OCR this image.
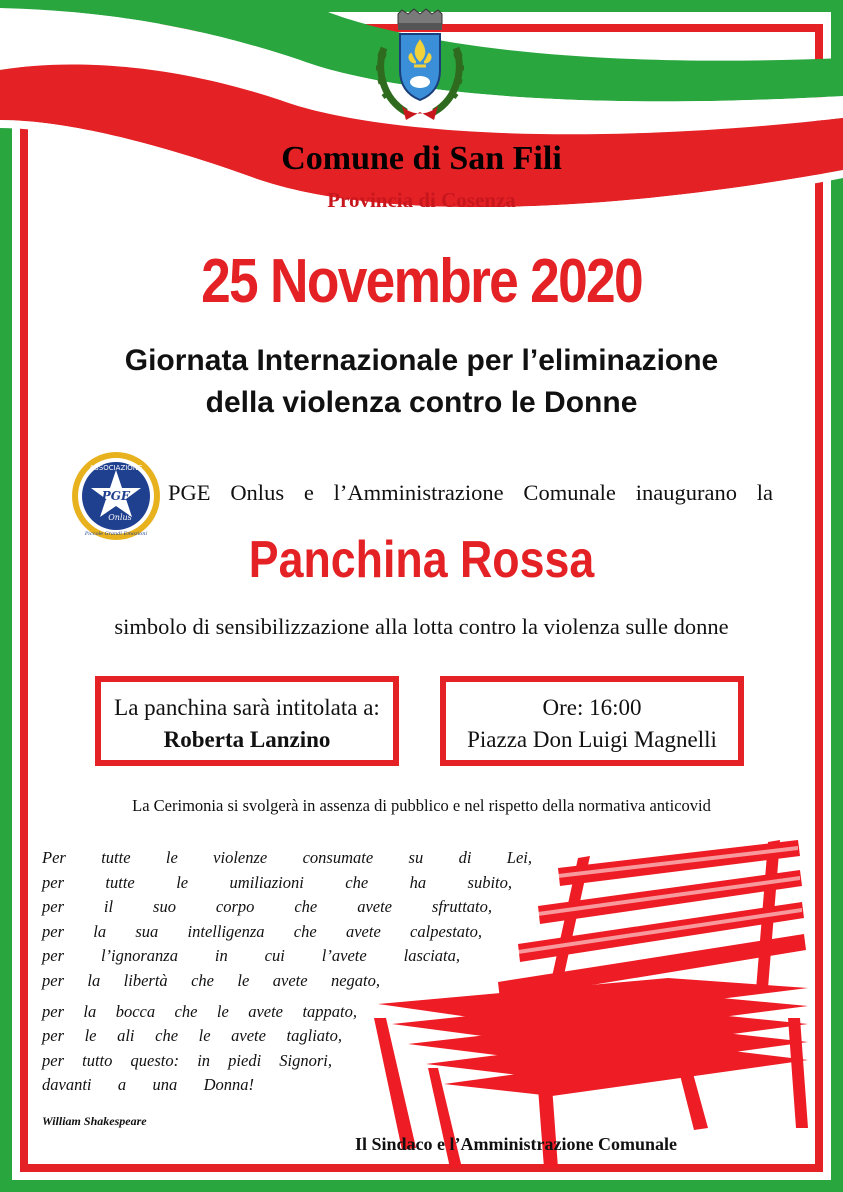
Comune di San Fili
Provincia di Cosenza
25 Novembre 2020
Giornata Internazionale per l’eliminazione
della violenza contro le Donne
ASSOCIAZIONE
PGE
Onlus
Piccole Grandi Emozioni
PGE Onlus e l’Amministrazione Comunale inaugurano la
Panchina Rossa
simbolo di sensibilizzazione alla lotta contro la violenza sulle donne
La panchina sarà intitolata a:
Roberta Lanzino
Ore: 16:00
Piazza Don Luigi Magnelli
La Cerimonia si svolgerà in assenza di pubblico e nel rispetto della normativa anticovid
Per tutte le violenze consumate su di Lei,
per tutte le umiliazioni che ha subito,
per il suo corpo che avete sfruttato,
per la sua intelligenza che avete calpestato,
per l’ignoranza in cui l’avete lasciata,
per la libertà che le avete negato,
per la bocca che le avete tappato,
per le ali che le avete tagliato,
per tutto questo: in piedi Signori,
davanti a una Donna!
William Shakespeare
Il Sindaco e l’Amministrazione Comunale
